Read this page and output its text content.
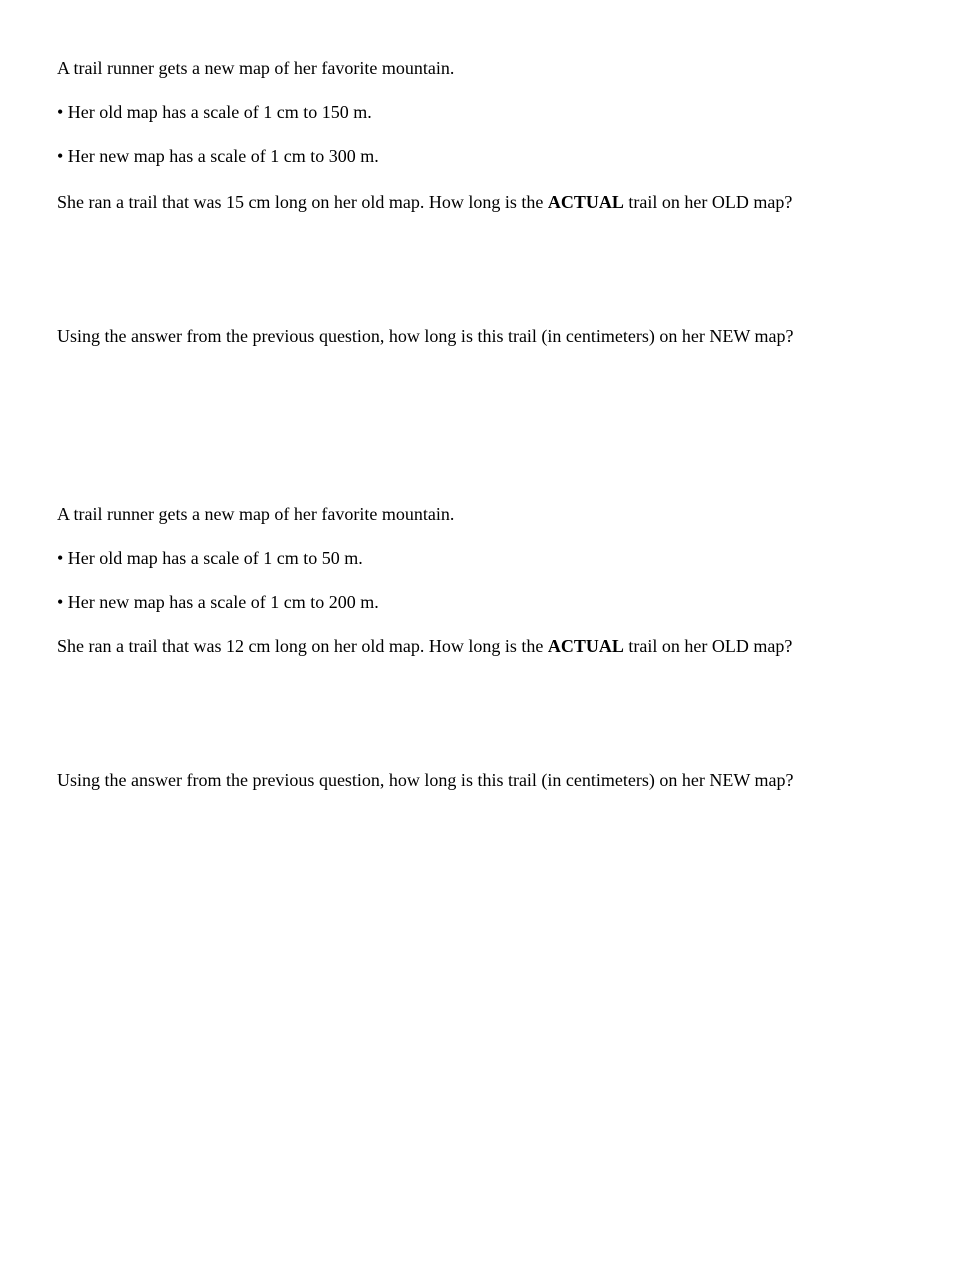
A trail runner gets a new map of her favorite mountain.

• Her old map has a scale of 1 cm to 150 m.

• Her new map has a scale of 1 cm to 300 m.

She ran a trail that was 15 cm long on her old map. How long is the ACTUAL trail on her OLD map?

Using the answer from the previous question, how long is this trail (in centimeters) on her NEW map?

A trail runner gets a new map of her favorite mountain.

• Her old map has a scale of 1 cm to 50 m.

• Her new map has a scale of 1 cm to 200 m.

She ran a trail that was 12 cm long on her old map. How long is the ACTUAL trail on her OLD map?

Using the answer from the previous question, how long is this trail (in centimeters) on her NEW map?
